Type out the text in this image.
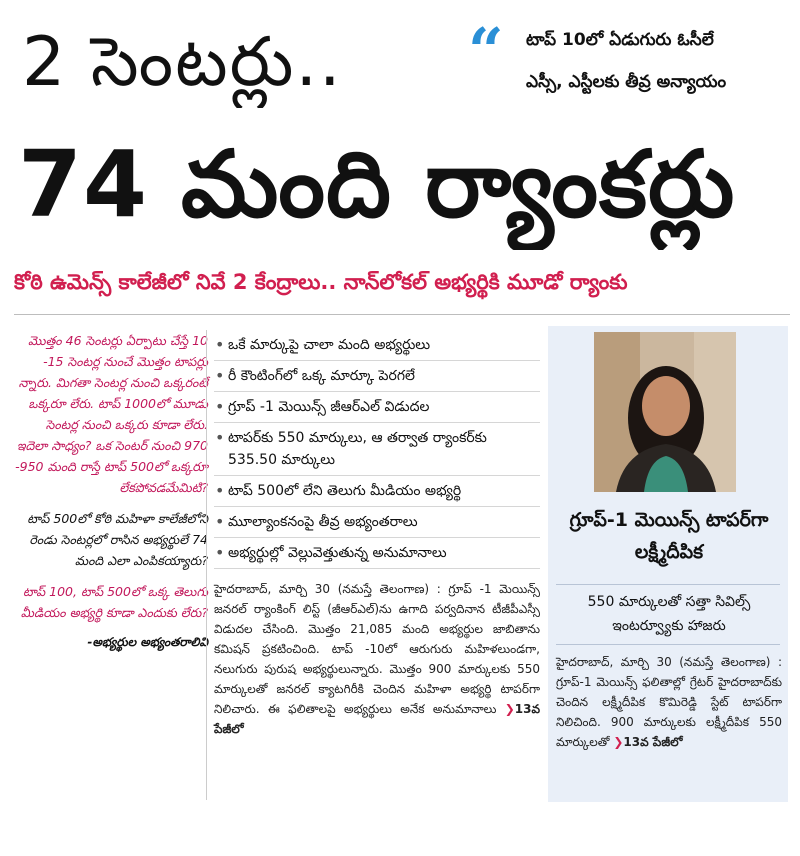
2 సెంటర్లు..	“ టాప్ 10లో ఏడుగురు ఓసీలే
ఎస్సీ, ఎస్టీలకు తీవ్ర అన్యాయం
74 మంది ర్యాంకర్లు
కోఠి ఉమెన్స్ కాలేజీలో నివే 2 కేంద్రాలు.. నాన్‌లోకల్ అభ్యర్థికి మూడో ర్యాంకు

మొత్తం 46 సెంటర్లు ఏర్పాటు చేస్తే 10 -15 సెంటర్ల నుంచే మొత్తం టాపర్లు న్నారు. మిగతా సెంటర్ల నుంచి ఒక్కరంటే ఒక్కరూ లేరు. టాప్ 1000లో మూడు సెంటర్ల నుంచి ఒక్కరు కూడా లేరు. ఇదెలా సాధ్యం? ఒక సెంటర్ నుంచి 970 -950 మంది రాస్తే టాప్ 500లో ఒక్కరూ లేకపోవడమేమిటి?

టాప్ 500లో కోఠి మహిళా కాలేజీలోని రెండు సెంటర్లలో రాసిన అభ్యర్థులే 74 మంది ఎలా ఎంపికయ్యారు?

టాప్ 100, టాప్ 500లో ఒక్క తెలుగు మీడియం అభ్యర్థి కూడా ఎందుకు లేరు?

-అభ్యర్థుల అభ్యంతరాలివి

• ఒకే మార్కుపై చాలా మంది అభ్యర్థులు
• రీ కౌంటింగ్‌లో ఒక్క మార్కూ పెరగలే
• గ్రూప్ -1 మెయిన్స్ జీఆర్‌ఎల్ విడుదల
• టాపర్‌కు 550 మార్కులు, ఆ తర్వాత ర్యాంకర్‌కు 535.50 మార్కులు
• టాప్ 500లో లేని తెలుగు మీడియం అభ్యర్థి
• మూల్యాంకనంపై తీవ్ర అభ్యంతరాలు
• అభ్యర్థుల్లో వెల్లువెత్తుతున్న అనుమానాలు

హైదరాబాద్, మార్చి 30 (నమస్తే తెలంగాణ) : గ్రూప్ -1 మెయిన్స్ జనరల్ ర్యాంకింగ్ లిస్ట్ (జీఆర్‌ఎల్)ను ఉగాది పర్వదినాన టీజీపీఎస్సీ విడుదల చేసింది. మొత్తం 21,085 మంది అభ్యర్థుల జాబితాను కమిషన్ ప్రకటించింది. టాప్ -10లో ఆరుగురు మహిళలుండగా, నలుగురు పురుష అభ్యర్థులున్నారు. మొత్తం 900 మార్కులకు 550 మార్కులతో జనరల్ క్యాటగిరీకి చెందిన మహిళా అభ్యర్థి టాపర్‌గా నిలిచారు. ఈ ఫలితాలపై అభ్యర్థులు అనేక అనుమానాలు ❯13వ పేజీలో

గ్రూప్-1 మెయిన్స్ టాపర్‌గా లక్ష్మీదీపిక
550 మార్కులతో సత్తా సివిల్స్ ఇంటర్వ్యూకు హాజరు

హైదరాబాద్, మార్చి 30 (నమస్తే తెలంగాణ) : గ్రూప్-1 మెయిన్స్ ఫలితాల్లో గ్రేటర్ హైదరాబాద్‌కు చెందిన లక్ష్మీదీపిక కొమిరెడ్డి స్టేట్ టాపర్‌గా నిలిచింది. 900 మార్కులకు లక్ష్మీదీపిక 550 మార్కులతో ❯13వ పేజీలో
